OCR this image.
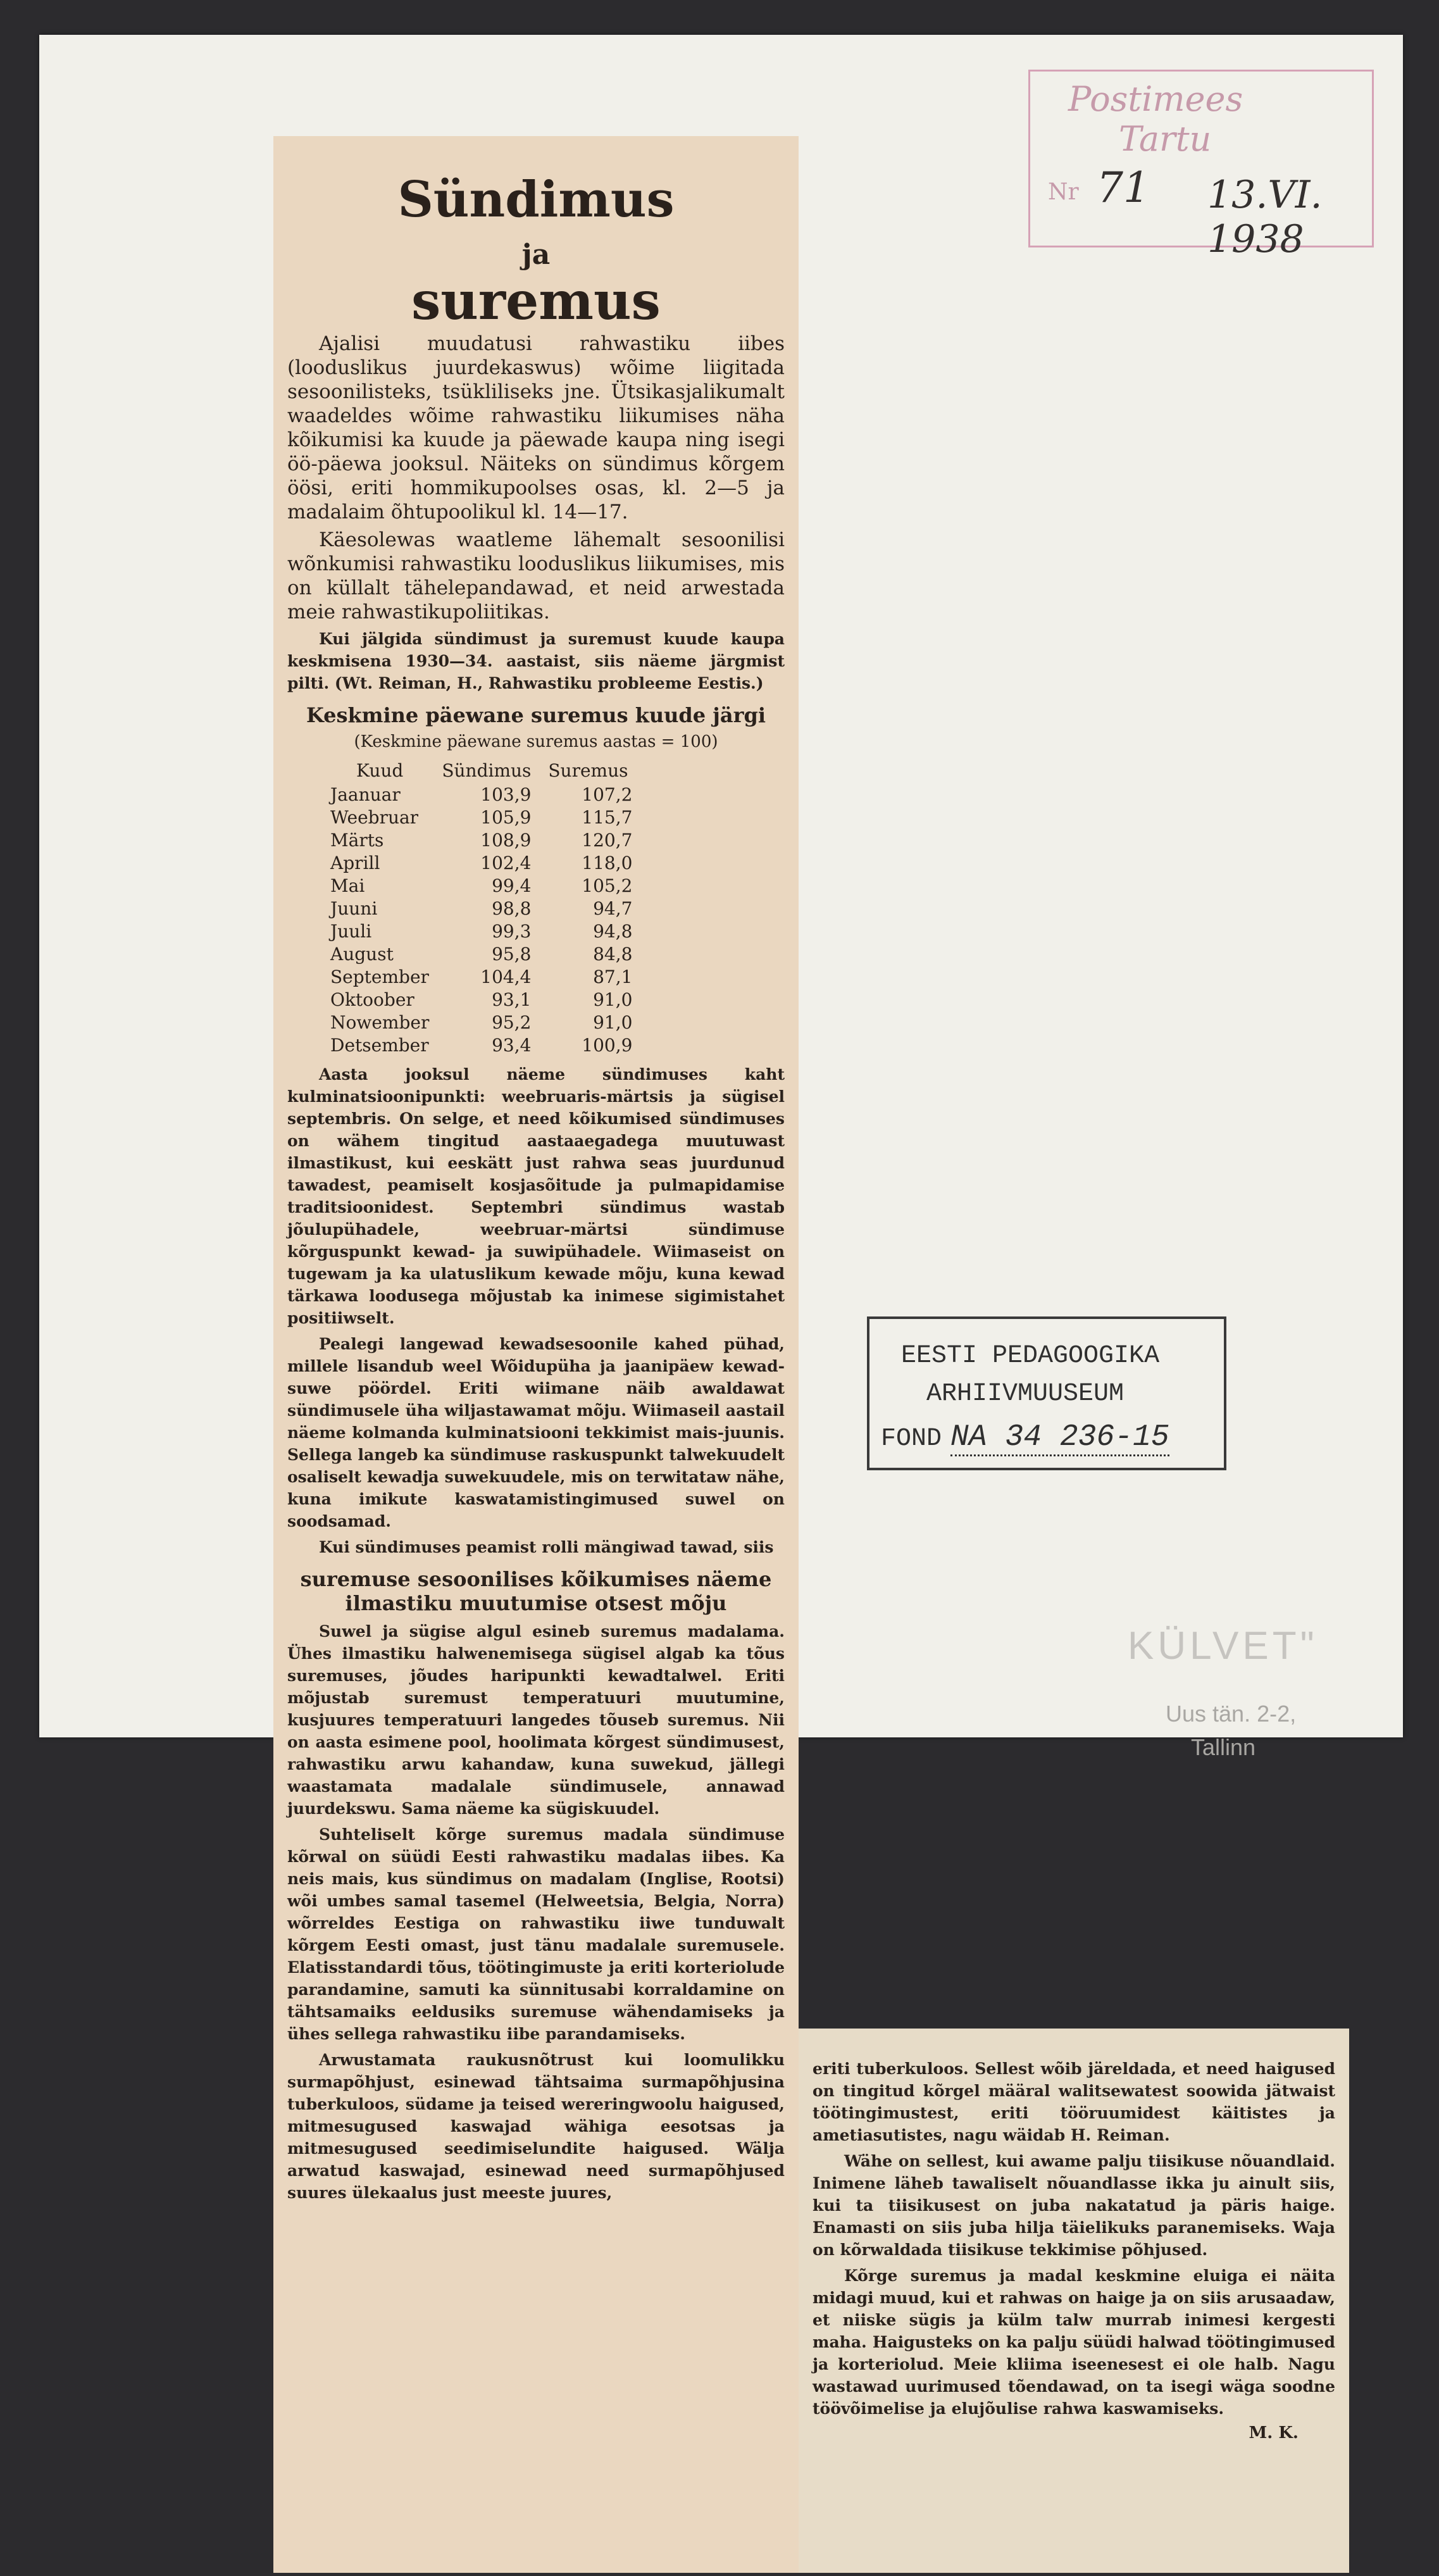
KÜLVET"
Uus tän. 2-2,
Tallinn
Postimees
Tartu
Nr 71 13.VI. 1938
EESTI PEDAGOOGIKA
ARHIIVMUUSEUM
FOND NA 34 236-15
Sündimus
ja
suremus

Ajalisi muudatusi rahwastiku iibes (looduslikus juurdekaswus) wõime liigitada sesoonilisteks, tsükliliseks jne. Ütsikasjalikumalt waadeldes wõime rahwastiku liikumises näha kõikumisi ka kuude ja päewade kaupa ning isegi öö-päewa jooksul. Näiteks on sündimus kõrgem öösi, eriti hommikupoolses osas, kl. 2—5 ja madalaim õhtupoolikul kl. 14—17.

Käesolewas waatleme lähemalt sesoonilisi wõnkumisi rahwastiku looduslikus liikumises, mis on küllalt tähelepandawad, et neid arwestada meie rahwastikupoliitikas.

Kui jälgida sündimust ja suremust kuude kaupa keskmisena 1930—34. aastaist, siis näeme järgmist pilti. (Wt. Reiman, H., Rahwastiku probleeme Eestis.)

Keskmine päewane suremus kuude järgi
(Keskmine päewane suremus aastas = 100)
Kuud	Sündimus	Suremus
Jaanuar	103,9	107,2
Weebruar	105,9	115,7
Märts	108,9	120,7
Aprill	102,4	118,0
Mai	99,4	105,2
Juuni	98,8	94,7
Juuli	99,3	94,8
August	95,8	84,8
September	104,4	87,1
Oktoober	93,1	91,0
Nowember	95,2	91,0
Detsember	93,4	100,9

Aasta jooksul näeme sündimuses kaht kulminatsioonipunkti: weebruaris-märtsis ja sügisel septembris. On selge, et need kõikumised sündimuses on wähem tingitud aastaaegadega muutuwast ilmastikust, kui eeskätt just rahwa seas juurdunud tawadest, peamiselt kosjasõitude ja pulmapidamise traditsioonidest. Septembri sündimus wastab jõulupühadele, weebruar-märtsi sündimuse kõrguspunkt kewad- ja suwipühadele. Wiimaseist on tugewam ja ka ulatuslikum kewade mõju, kuna kewad tärkawa loodusega mõjustab ka inimese sigimistahet positiiwselt.

Pealegi langewad kewadsesoonile kahed pühad, millele lisandub weel Wõidupüha ja jaanipäew kewad-suwe pöördel. Eriti wiimane näib awaldawat sündimusele üha wiljastawamat mõju. Wiimaseil aastail näeme kolmanda kulminatsiooni tekkimist mais-juunis. Sellega langeb ka sündimuse raskuspunkt talwekuudelt osaliselt kewadja suwekuudele, mis on terwitataw nähe, kuna imikute kaswatamistingimused suwel on soodsamad.

Kui sündimuses peamist rolli mängiwad tawad, siis

suremuse sesoonilises kõikumises näeme ilmastiku muutumise otsest mõju

Suwel ja sügise algul esineb suremus madalama. Ühes ilmastiku halwenemisega sügisel algab ka tõus suremuses, jõudes haripunkti kewadtalwel. Eriti mõjustab suremust temperatuuri muutumine, kusjuures temperatuuri langedes tõuseb suremus. Nii on aasta esimene pool, hoolimata kõrgest sündimusest, rahwastiku arwu kahandaw, kuna suwekud, jällegi waastamata madalale sündimusele, annawad juurdekswu. Sama näeme ka sügiskuudel.

Suhteliselt kõrge suremus madala sündimuse kõrwal on süüdi Eesti rahwastiku madalas iibes. Ka neis mais, kus sündimus on madalam (Inglise, Rootsi) wõi umbes samal tasemel (Helweetsia, Belgia, Norra) wõrreldes Eestiga on rahwastiku iiwe tunduwalt kõrgem Eesti omast, just tänu madalale suremusele. Elatisstandardi tõus, töötingimuste ja eriti korteriolude parandamine, samuti ka sünnitusabi korraldamine on tähtsamaiks eeldusiks suremuse wähendamiseks ja ühes sellega rahwastiku iibe parandamiseks.

Arwustamata raukusnõtrust kui loomulikku surmapõhjust, esinewad tähtsaima surmapõhjusina tuberkuloos, südame ja teised wereringwoolu haigused, mitmesugused kaswajad wähiga eesotsas ja mitmesugused seedimiselundite haigused. Wälja arwatud kaswajad, esinewad need surmapõhjused suures ülekaalus just meeste juures,

eriti tuberkuloos. Sellest wõib järeldada, et need haigused on tingitud kõrgel määral walitsewatest soowida jätwaist töötingimustest, eriti tööruumidest käitistes ja ametiasutistes, nagu wäidab H. Reiman.

Wähe on sellest, kui awame palju tiisikuse nõuandlaid. Inimene läheb tawaliselt nõuandlasse ikka ju ainult siis, kui ta tiisikusest on juba nakatatud ja päris haige. Enamasti on siis juba hilja täielikuks paranemiseks. Waja on kõrwaldada tiisikuse tekkimise põhjused.

Kõrge suremus ja madal keskmine eluiga ei näita midagi muud, kui et rahwas on haige ja on siis arusaadaw, et niiske sügis ja külm talw murrab inimesi kergesti maha. Haigusteks on ka palju süüdi halwad töötingimused ja korteriolud. Meie kliima iseenesest ei ole halb. Nagu wastawad uurimused tõendawad, on ta isegi wäga soodne töövõimelise ja elujõulise rahwa kaswamiseks.

M. K.
